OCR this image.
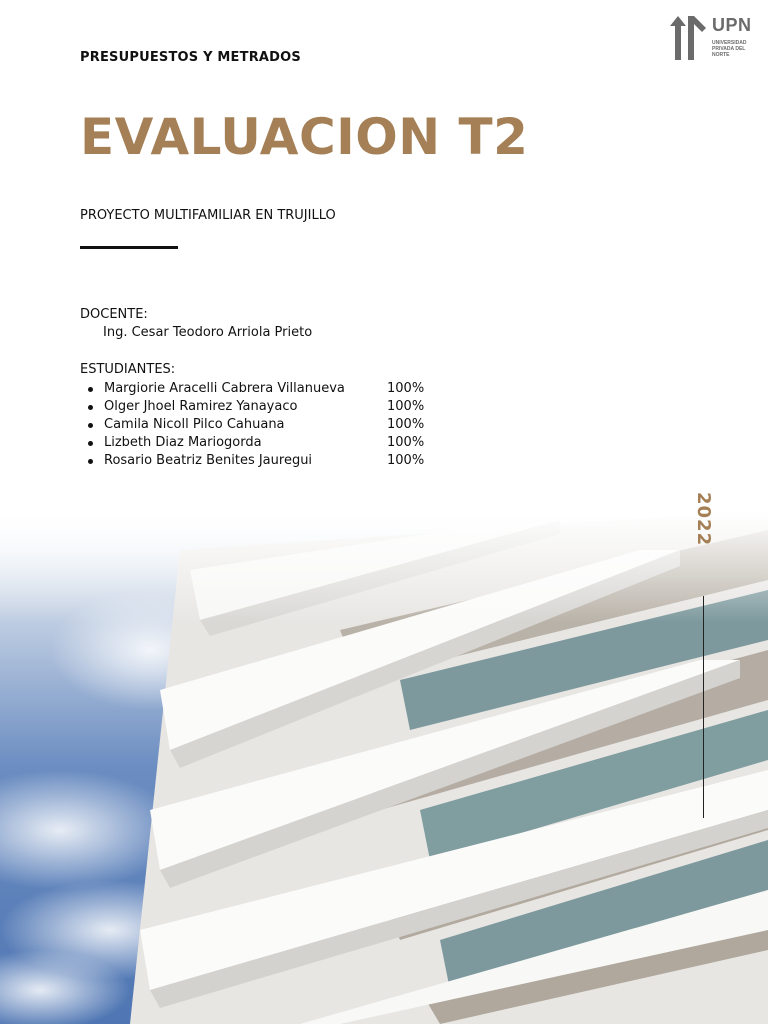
PRESUPUESTOS Y METRADOS
UPN
UNIVERSIDAD PRIVADA DEL NORTE
EVALUACION T2
PROYECTO MULTIFAMILIAR EN TRUJILLO
DOCENTE:
Ing. Cesar Teodoro Arriola Prieto
ESTUDIANTES:
Margiorie Aracelli Cabrera Villanueva	100%
Olger Jhoel Ramirez Yanayaco	100%
Camila Nicoll Pilco Cahuana	100%
Lizbeth Diaz Mariogorda	100%
Rosario Beatriz Benites Jauregui	100%
2022
